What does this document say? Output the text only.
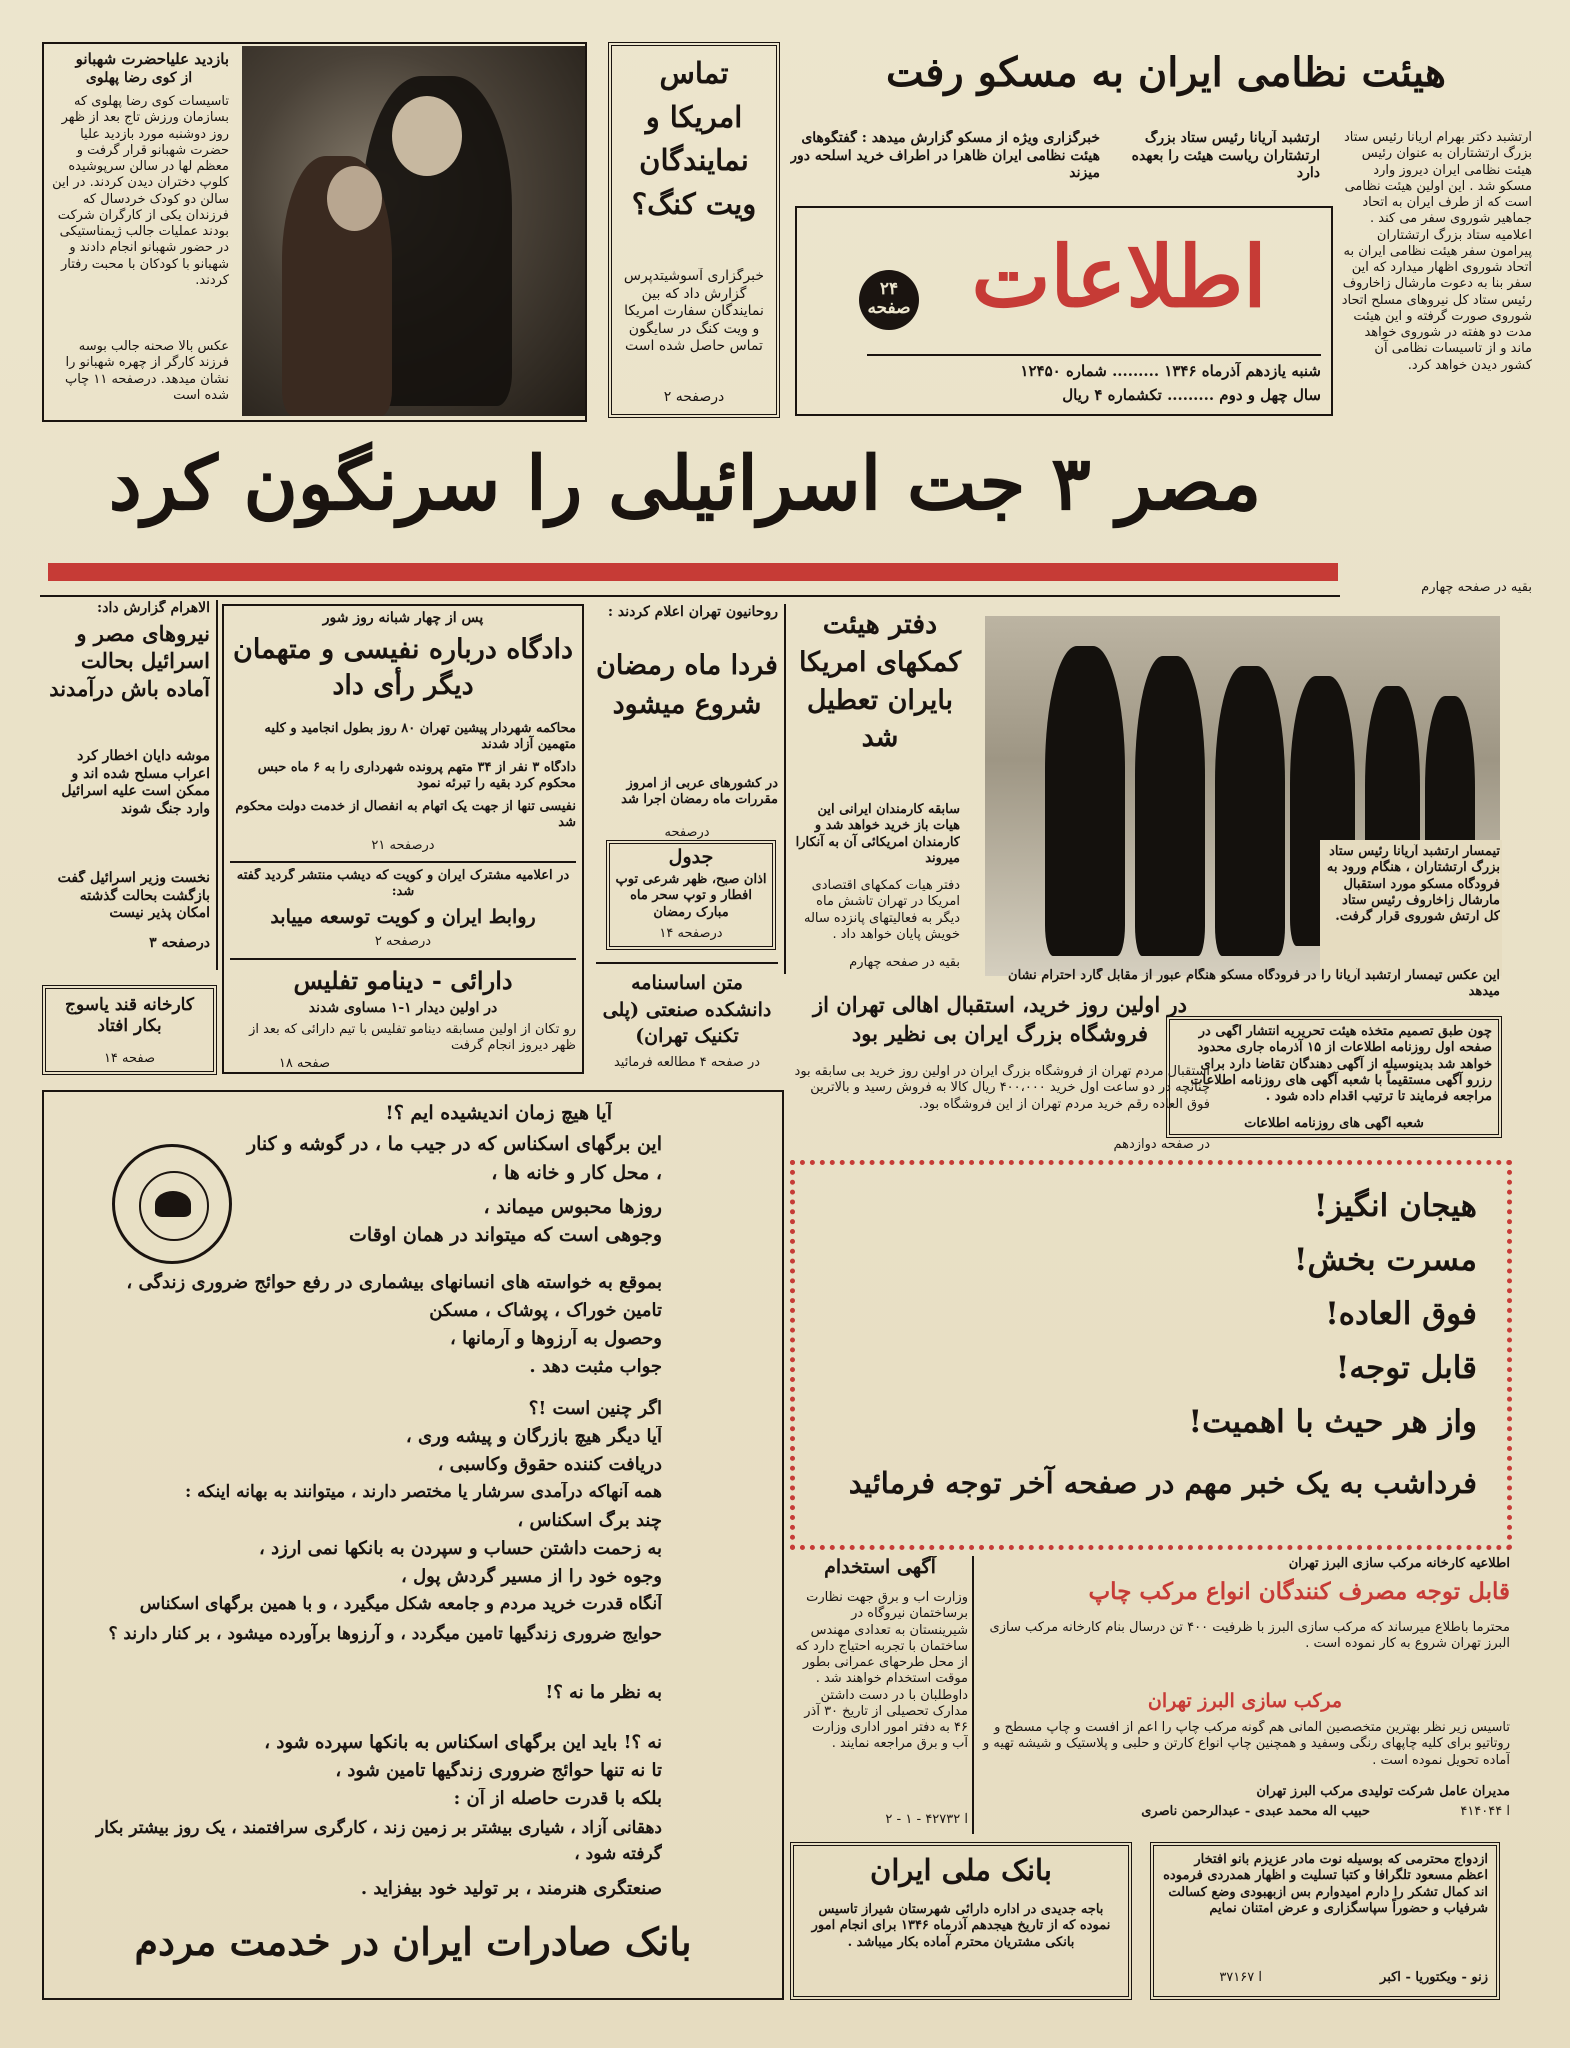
بازدید علیاحضرت شهبانو
از کوی رضا پهلوی
تاسیسات کوی رضا پهلوی که بسازمان ورزش تاج بعد از ظهر روز دوشنبه مورد بازدید علیا حضرت شهبانو قرار گرفت و معظم لها در سالن سرپوشیده کلوپ دختران دیدن کردند. در این سالن دو کودک خردسال که فرزندان یکی از کارگران شرکت بودند عملیات جالب ژیمناستیکی در حضور شهبانو انجام دادند و شهبانو با کودکان با محبت رفتار کردند.
عکس بالا صحنه جالب بوسه فرزند کارگر از چهره شهبانو را نشان میدهد. درصفحه ۱۱ چاپ شده است
تماس امریکا و نمایندگان ویت کنگ؟
خبرگزاری آسوشیتدپرس گزارش داد که بین نمایندگان سفارت امریکا و ویت کنگ در سایگون تماس حاصل شده است
درصفحه ۲
هیئت نظامی ایران به مسکو رفت
ارتشبد آریانا رئیس ستاد بزرگ ارتشتاران ریاست هیئت را بعهده دارد
خبرگزاری ویژه از مسکو گزارش میدهد : گفتگوهای هیئت نظامی ایران ظاهرا در اطراف خرید اسلحه دور میزند
ارتشبد دکتر بهرام آریانا رئیس ستاد بزرگ ارتشتاران به عنوان رئیس هیئت نظامی ایران دیروز وارد مسکو شد . این اولین هیئت نظامی است که از طرف ایران به اتحاد جماهیر شوروی سفر می کند . اعلامیه ستاد بزرگ ارتشتاران پیرامون سفر هیئت نظامی ایران به اتحاد شوروی اظهار میدارد که این سفر بنا به دعوت مارشال زاخاروف رئیس ستاد کل نیروهای مسلح اتحاد شوروی صورت گرفته و این هیئت مدت دو هفته در شوروی خواهد ماند و از تاسیسات نظامی آن کشور دیدن خواهد کرد.
بقیه در صفحه چهارم
۲۴ صفحه اطلاعات
شنبه یازدهم آذرماه ۱۳۴۶ ......... شماره ۱۲۴۵۰
سال چهل و دوم ......... تکشماره ۴ ریال
مصر ۳ جت اسرائیلی را سرنگون کرد
الاهرام گزارش داد:
نیروهای مصر و اسرائیل بحالت آماده باش درآمدند
موشه دایان اخطار کرد اعراب مسلح شده اند و ممکن است علیه اسرائیل وارد جنگ شوند
نخست وزیر اسرائیل گفت بازگشت بحالت گذشته امکان پذیر نیست
درصفحه ۳
کارخانه قند یاسوج بکار افتاد
صفحه ۱۴
پس از چهار شبانه روز شور
دادگاه درباره نفیسی و متهمان دیگر رأی داد
محاکمه شهردار پیشین تهران ۸۰ روز بطول انجامید و کلیه متهمین آزاد شدند
دادگاه ۳ نفر از ۳۴ متهم پرونده شهرداری را به ۶ ماه حبس محکوم کرد بقیه را تبرئه نمود
نفیسی تنها از جهت یک اتهام به انفصال از خدمت دولت محکوم شد
درصفحه ۲۱
در اعلامیه مشترک ایران و کویت که دیشب منتشر گردید گفته شد:
روابط ایران و کویت توسعه مییابد
درصفحه ۲
دارائی - دینامو تفلیس
در اولین دیدار ۱-۱ مساوی شدند
رو تکان از اولین مسابقه دینامو تفلیس با تیم دارائی که بعد از ظهر دیروز انجام گرفت
صفحه ۱۸
روحانیون تهران اعلام کردند :
فردا ماه رمضان شروع میشود
در کشورهای عربی از امروز مقررات ماه رمضان اجرا شد
درصفحه
جدول
اذان صبح، ظهر شرعی توپ افطار و توپ سحر ماه مبارک رمضان
درصفحه ۱۴
متن اساسنامه دانشکده صنعتی (پلی تکنیک تهران)
در صفحه ۴ مطالعه فرمائید
دفتر هیئت کمکهای امریکا بایران تعطیل شد
سابقه کارمندان ایرانی این هیات باز خرید خواهد شد و کارمندان امریکائی آن به آنکارا میروند
دفتر هیات کمکهای اقتصادی امریکا در تهران تاشش ماه دیگر به فعالیتهای پانزده ساله خویش پایان خواهد داد .
بقیه در صفحه چهارم
تیمسار ارتشبد آریانا رئیس ستاد بزرگ ارتشتاران ، هنگام ورود به فرودگاه مسکو مورد استقبال مارشال زاخاروف رئیس ستاد کل ارتش شوروی قرار گرفت.
این عکس تیمسار ارتشبد آریانا را در فرودگاه مسکو هنگام عبور از مقابل گارد احترام نشان میدهد
در اولین روز خرید، استقبال اهالی تهران از فروشگاه بزرگ ایران بی نظیر بود
استقبال مردم تهران از فروشگاه بزرگ ایران در اولین روز خرید بی سابقه بود چنانچه در دو ساعت اول خرید ۴۰۰،۰۰۰ ریال کالا به فروش رسید و بالاترین فوق العاده رقم خرید مردم تهران از این فروشگاه بود.
در صفحه دوازدهم
چون طبق تصمیم متخذه هیئت تحریریه انتشار آگهی در صفحه اول روزنامه اطلاعات از ۱۵ آذرماه جاری محدود خواهد شد بدینوسیله از آگهی دهندگان تقاضا دارد برای رزرو آگهی مستقیماً با شعبه آگهی های روزنامه اطلاعات مراجعه فرمایند تا ترتیب اقدام داده شود .
شعبه آگهی های روزنامه اطلاعات
آیا هیچ زمان اندیشیده ایم ؟!
این برگهای اسکناس که در جیب ما ، در گوشه و کنار ، محل کار و خانه ها ،
روزها محبوس میماند ،
وجوهی است که میتواند در همان اوقات
بموقع به خواسته های انسانهای بیشماری در رفع حوائج ضروری زندگی ،
تامین خوراک ، پوشاک ، مسکن
وحصول به آرزوها و آرمانها ،
جواب مثبت دهد .
اگر چنین است !؟
آیا دیگر هیچ بازرگان و پیشه وری ،
دریافت کننده حقوق وکاسبی ،
همه آنهاکه درآمدی سرشار یا مختصر دارند ، میتوانند به بهانه اینکه :
چند برگ اسکناس ،
به زحمت داشتن حساب و سپردن به بانکها نمی ارزد ،
وجوه خود را از مسیر گردش پول ،
آنگاه قدرت خرید مردم و جامعه شکل میگیرد ، و با همین برگهای اسکناس
حوایج ضروری زندگیها تامین میگردد ، و آرزوها برآورده میشود ، بر کنار دارند ؟
به نظر ما نه ؟!
نه ؟! باید این برگهای اسکناس به بانکها سپرده شود ،
تا نه تنها حوائج ضروری زندگیها تامین شود ،
بلکه با قدرت حاصله از آن :
دهقانی آزاد ، شیاری بیشتر بر زمین زند ، کارگری سرافتمند ، یک روز بیشتر بکار گرفته شود ،
صنعتگری هنرمند ، بر تولید خود بیفزاید .
بانک صادرات ایران در خدمت مردم
هیجان انگیز!
مسرت بخش!
فوق العاده!
قابل توجه!
واز هر حیث با اهمیت!
فرداشب به یک خبر مهم در صفحه آخر توجه فرمائید
آگهی استخدام
وزارت آب و برق جهت نظارت برساختمان نیروگاه در شیرینستان به تعدادی مهندس ساختمان با تجربه احتیاج دارد که از محل طرحهای عمرانی بطور موقت استخدام خواهند شد . داوطلبان با در دست داشتن مدارک تحصیلی از تاریخ ۳۰ آذر ۴۶ به دفتر امور اداری وزارت آب و برق مراجعه نمایند .
آ ۴۲۷۳۲ - ۱ - ۲
اطلاعیه کارخانه مرکب سازی البرز تهران
قابل توجه مصرف کنندگان انواع مرکب چاپ
محترماً باطلاع میرساند که مرکب سازی البرز با ظرفیت ۴۰۰ تن درسال بنام کارخانه مرکب سازی البرز تهران شروع به کار نموده است .
مرکب سازی البرز تهران
تاسیس زیر نظر بهترین متخصصین آلمانی هم گونه مرکب چاپ را اعم از افست و چاپ مسطح و روتاتیو برای کلیه چاپهای رنگی وسفید و همچنین چاپ انواع کارتن و حلبی و پلاستیک و شیشه تهیه و آماده تحویل نموده است .
مدیران عامل شرکت تولیدی مرکب البرز تهران
حبیب اله محمد عبدی - عبدالرحمن ناصری	آ ۴۱۴۰۴۴
بانک ملی ایران
باجه جدیدی در اداره دارائی شهرستان شیراز تاسیس نموده که از تاریخ هیجدهم آذرماه ۱۳۴۶ برای انجام امور بانکی مشتریان محترم آماده بکار میباشد .
ازدواج محترمی که بوسیله نوت مادر عزیزم بانو افتخار اعظم مسعود تلگرافا و کتبا تسلیت و اظهار همدردی فرموده اند کمال تشکر را دارم امیدوارم بس ازبهبودی وضع کسالت شرفیاب و حضوراً سپاسگزاری و عرض امتنان نمایم
زنو - ویکتوریا - اکبر
آ ۳۷۱۶۷
